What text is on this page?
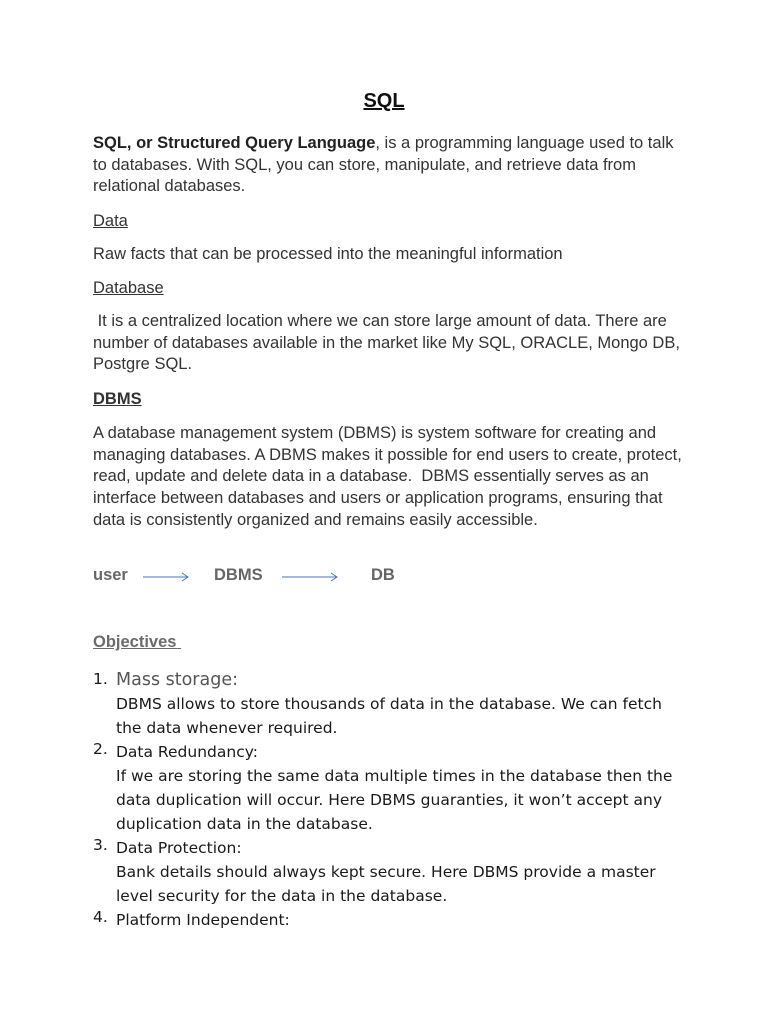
SQL
SQL, or Structured Query Language, is a programming language used to talk to databases. With SQL, you can store, manipulate, and retrieve data from relational databases.
Data
Raw facts that can be processed into the meaningful information
Database
It is a centralized location where we can store large amount of data. There are number of databases available in the market like My SQL, ORACLE, Mongo DB, Postgre SQL.
DBMS
A database management system (DBMS) is system software for creating and managing databases. A DBMS makes it possible for end users to create, protect, read, update and delete data in a database.  DBMS essentially serves as an interface between databases and users or application programs, ensuring that data is consistently organized and remains easily accessible.
user	DBMS	DB
Objectives
1. Mass storage:
DBMS allows to store thousands of data in the database. We can fetch the data whenever required.
2. Data Redundancy:
If we are storing the same data multiple times in the database then the data duplication will occur. Here DBMS guaranties, it won’t accept any duplication data in the database.
3. Data Protection:
Bank details should always kept secure. Here DBMS provide a master level security for the data in the database.
4. Platform Independent:
